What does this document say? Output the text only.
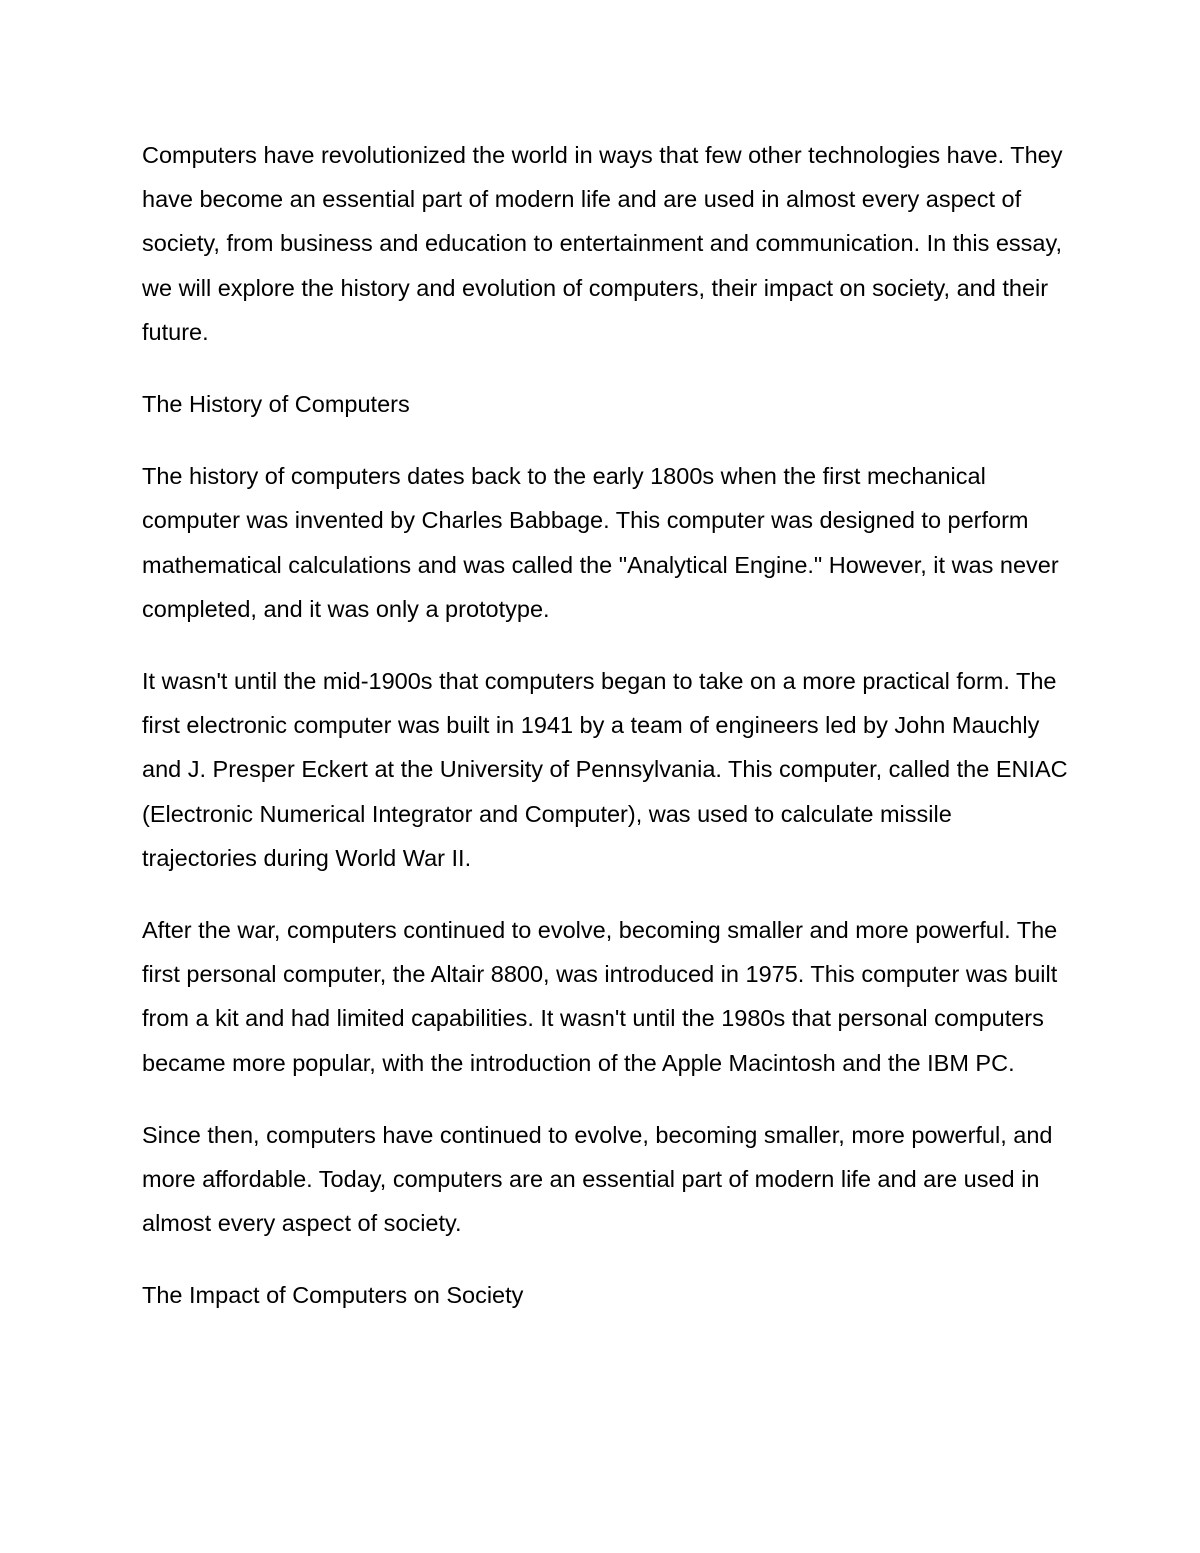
Computers have revolutionized the world in ways that few other technologies have. They have become an essential part of modern life and are used in almost every aspect of society, from business and education to entertainment and communication. In this essay, we will explore the history and evolution of computers, their impact on society, and their future.

The History of Computers

The history of computers dates back to the early 1800s when the first mechanical computer was invented by Charles Babbage. This computer was designed to perform mathematical calculations and was called the "Analytical Engine." However, it was never completed, and it was only a prototype.

It wasn't until the mid-1900s that computers began to take on a more practical form. The first electronic computer was built in 1941 by a team of engineers led by John Mauchly and J. Presper Eckert at the University of Pennsylvania. This computer, called the ENIAC (Electronic Numerical Integrator and Computer), was used to calculate missile trajectories during World War II.

After the war, computers continued to evolve, becoming smaller and more powerful. The first personal computer, the Altair 8800, was introduced in 1975. This computer was built from a kit and had limited capabilities. It wasn't until the 1980s that personal computers became more popular, with the introduction of the Apple Macintosh and the IBM PC.

Since then, computers have continued to evolve, becoming smaller, more powerful, and more affordable. Today, computers are an essential part of modern life and are used in almost every aspect of society.

The Impact of Computers on Society
